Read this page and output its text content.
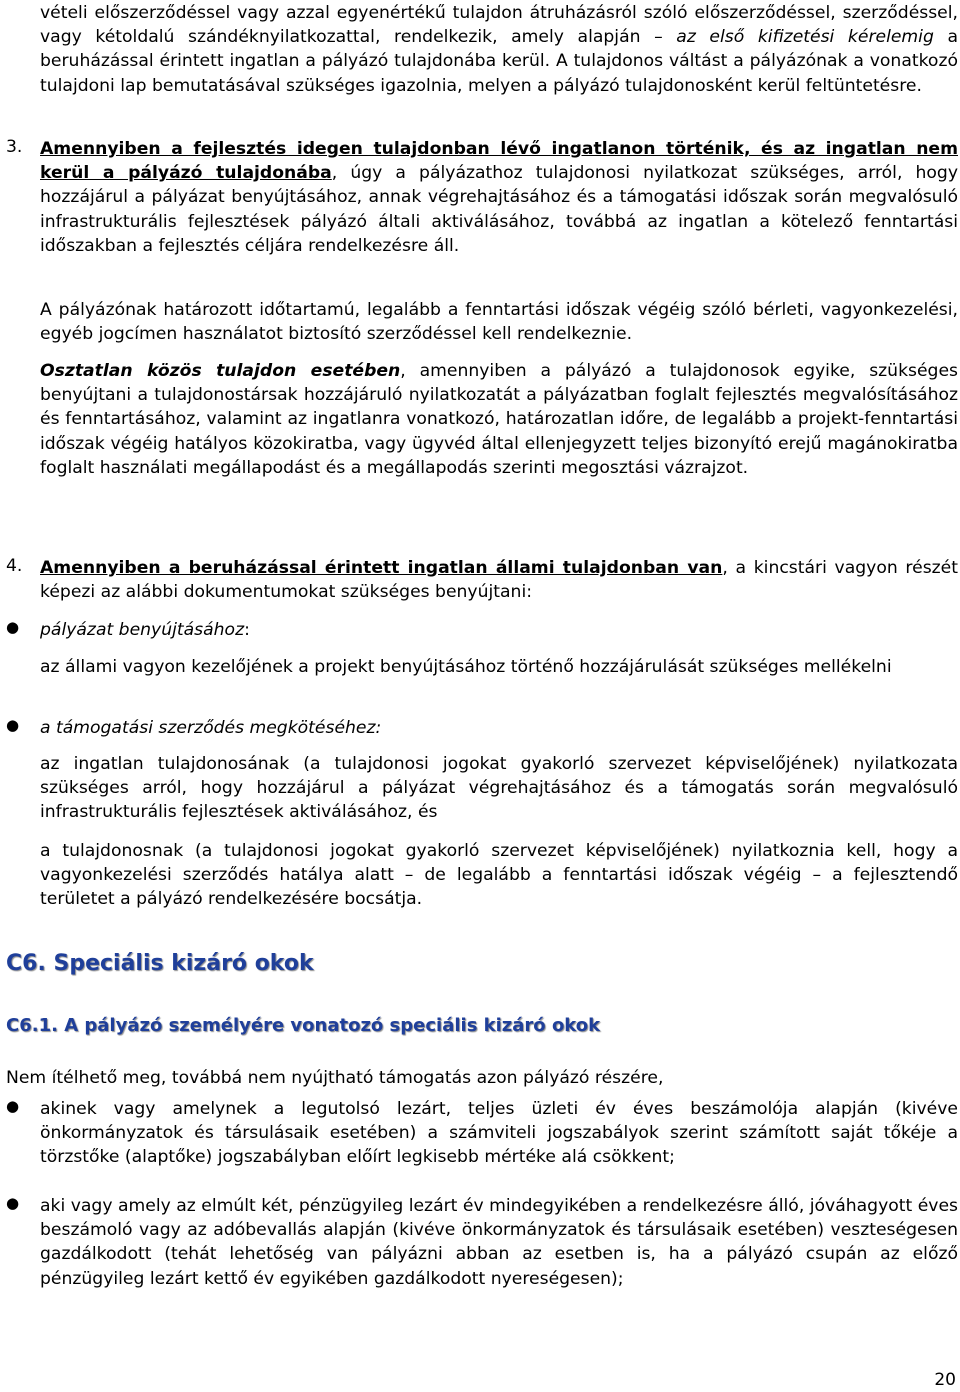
vételi előszerződéssel vagy azzal egyenértékű tulajdon átruházásról szóló előszerződéssel, szerződéssel, vagy kétoldalú szándéknyilatkozattal, rendelkezik, amely alapján – az első kifizetési kérelemig a beruházással érintett ingatlan a pályázó tulajdonába kerül. A tulajdonos váltást a pályázónak a vonatkozó tulajdoni lap bemutatásával szükséges igazolnia, melyen a pályázó tulajdonosként kerül feltüntetésre.

3.	Amennyiben a fejlesztés idegen tulajdonban lévő ingatlanon történik, és az ingatlan nem kerül a pályázó tulajdonába, úgy a pályázathoz tulajdonosi nyilatkozat szükséges, arról, hogy hozzájárul a pályázat benyújtásához, annak végrehajtásához és a támogatási időszak során megvalósuló infrastrukturális fejlesztések pályázó általi aktiválásához, továbbá az ingatlan a kötelező fenntartási időszakban a fejlesztés céljára rendelkezésre áll.

A pályázónak határozott időtartamú, legalább a fenntartási időszak végéig szóló bérleti, vagyonkezelési, egyéb jogcímen használatot biztosító szerződéssel kell rendelkeznie.

Osztatlan közös tulajdon esetében, amennyiben a pályázó a tulajdonosok egyike, szükséges benyújtani a tulajdonostársak hozzájáruló nyilatkozatát a pályázatban foglalt fejlesztés megvalósításához és fenntartásához, valamint az ingatlanra vonatkozó, határozatlan időre, de legalább a projekt-fenntartási időszak végéig hatályos közokiratba, vagy ügyvéd által ellenjegyzett teljes bizonyító erejű magánokiratba foglalt használati megállapodást és a megállapodás szerinti megosztási vázrajzot.

4.	Amennyiben a beruházással érintett ingatlan állami tulajdonban van, a kincstári vagyon részét képezi az alábbi dokumentumokat szükséges benyújtani:

●	pályázat benyújtásához:

az állami vagyon kezelőjének a projekt benyújtásához történő hozzájárulását szükséges mellékelni

●	a támogatási szerződés megkötéséhez:

az ingatlan tulajdonosának (a tulajdonosi jogokat gyakorló szervezet képviselőjének) nyilatkozata szükséges arról, hogy hozzájárul a pályázat végrehajtásához és a támogatás során megvalósuló infrastrukturális fejlesztések aktiválásához, és

a tulajdonosnak (a tulajdonosi jogokat gyakorló szervezet képviselőjének) nyilatkoznia kell, hogy a vagyonkezelési szerződés hatálya alatt – de legalább a fenntartási időszak végéig – a fejlesztendő területet a pályázó rendelkezésére bocsátja.

C6. Speciális kizáró okok
C6.1. A pályázó személyére vonatozó speciális kizáró okok

Nem ítélhető meg, továbbá nem nyújtható támogatás azon pályázó részére,

●	akinek vagy amelynek a legutolsó lezárt, teljes üzleti év éves beszámolója alapján (kivéve önkormányzatok és társulásaik esetében) a számviteli jogszabályok szerint számított saját tőkéje a törzstőke (alaptőke) jogszabályban előírt legkisebb mértéke alá csökkent;

●	aki vagy amely az elmúlt két, pénzügyileg lezárt év mindegyikében a rendelkezésre álló, jóváhagyott éves beszámoló vagy az adóbevallás alapján (kivéve önkormányzatok és társulásaik esetében) veszteségesen gazdálkodott (tehát lehetőség van pályázni abban az esetben is, ha a pályázó csupán az előző pénzügyileg lezárt kettő év egyikében gazdálkodott nyereségesen);

20
